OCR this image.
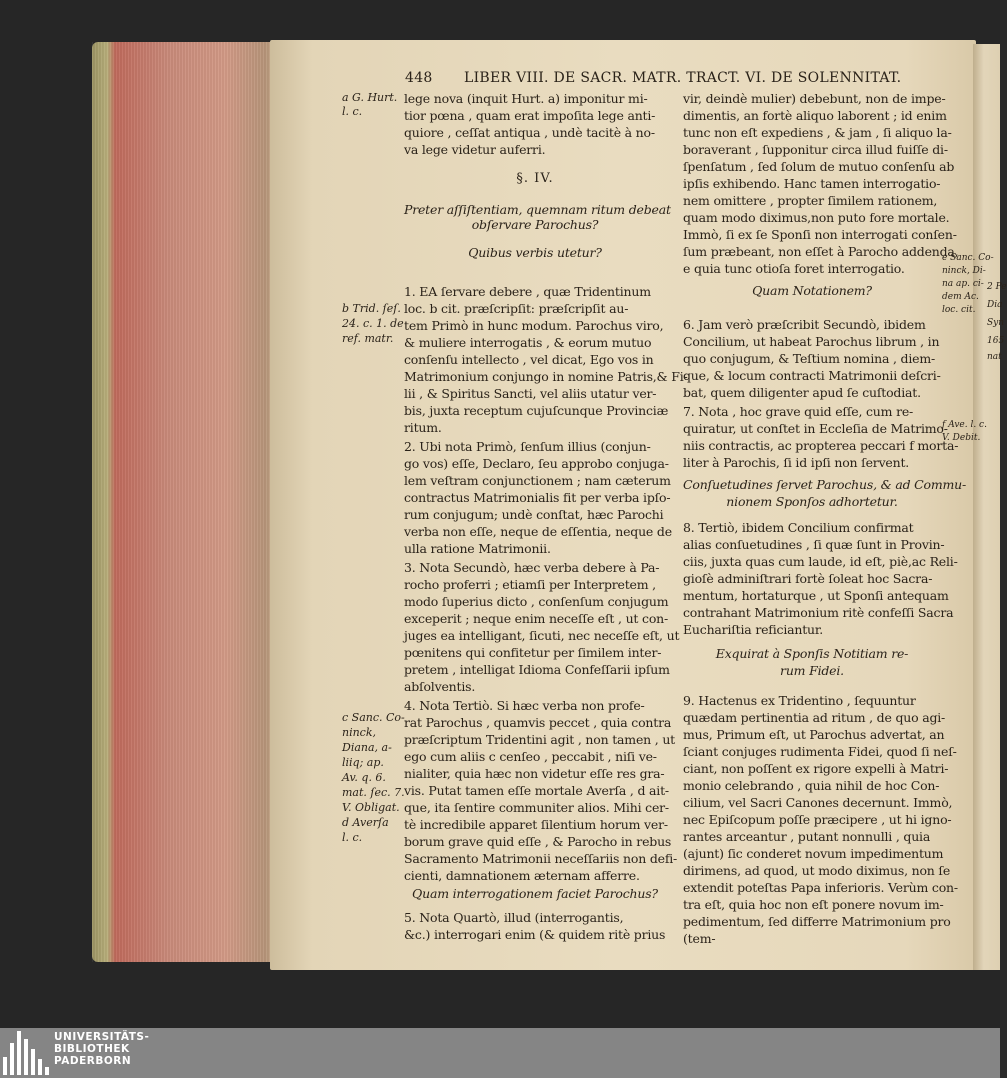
448 LIBER VIII. DE SACR. MATR. TRACT. VI. DE SOLENNITAT.
lege nova (inquit Hurt. a) imponitur mi-
tior pœna , quam erat impoſita lege anti-
quiore , ceſſat antiqua , undè tacitè à no-
va lege videtur auferri.
§. IV.
Preter aſſiſtentiam, quemnam ritum debeat
obſervare Parochus?
Quibus verbis utetur?
1. EA ſervare debere , quæ Tridentinum
loc. b cit. præſcripſit: præſcripſit au-
tem Primò in hunc modum. Parochus viro,
& muliere interrogatis , & eorum mutuo
conſenſu intellecto , vel dicat, Ego vos in
Matrimonium conjungo in nomine Patris,& Fi-
lii , & Spiritus Sancti, vel aliis utatur ver-
bis, juxta receptum cujuſcunque Provinciæ
ritum.
2. Ubi nota Primò, ſenſum illius (conjun-
go vos) eſſe, Declaro, ſeu approbo conjuga-
lem veſtram conjunctionem ; nam cæterum
contractus Matrimonialis fit per verba ipſo-
rum conjugum; undè conſtat, hæc Parochi
verba non eſſe, neque de eſſentia, neque de
ulla ratione Matrimonii.
3. Nota Secundò, hæc verba debere à Pa-
rocho proferri ; etiamſi per Interpretem ,
modo ſuperius dicto , conſenſum conjugum
exceperit ; neque enim neceſſe eſt , ut con-
juges ea intelligant, ſicuti, nec neceſſe eſt, ut
pœnitens qui confitetur per ſimilem inter-
pretem , intelligat Idioma Confeſſarii ipſum
abſolventis.
4. Nota Tertiò. Si hæc verba non profe-
rat Parochus , quamvis peccet , quia contra
præſcriptum Tridentini agit , non tamen , ut
ego cum aliis c cenſeo , peccabit , niſi ve-
nialiter, quia hæc non videtur eſſe res gra-
vis. Putat tamen eſſe mortale Averſa , d ait-
que, ita ſentire communiter alios. Mihi cer-
tè incredibile apparet ſilentium horum ver-
borum grave quid eſſe , & Parocho in rebus
Sacramento Matrimonii neceſſariis non defi-
cienti, damnationem æternam afferre.
Quam interrogationem faciet Parochus?
5. Nota Quartò, illud (interrogantis,
&c.) interrogari enim (& quidem ritè prius
vir, deindè mulier) debebunt, non de impe-
dimentis, an fortè aliquo laborent ; id enim
tunc non eſt expediens , & jam , ſi aliquo la-
boraverant , ſupponitur circa illud fuiſſe di-
ſpenſatum , ſed ſolum de mutuo conſenſu ab
ipſis exhibendo. Hanc tamen interrogatio-
nem omittere , propter ſimilem rationem,
quam modo diximus,non puto fore mortale.
Immò, ſi ex ſe Sponſi non interrogati conſen-
ſum præbeant, non eſſet à Parocho addenda,
e quia tunc otioſa foret interrogatio.
Quam Notationem?
6. Jam verò præſcribit Secundò, ibidem
Concilium, ut habeat Parochus librum , in
quo conjugum, & Teſtium nomina , diem-
que, & locum contracti Matrimonii deſcri-
bat, quem diligenter apud ſe cuſtodiat.
7. Nota , hoc grave quid eſſe, cum re-
quiratur, ut conſtet in Eccleſia de Matrimo-
niis contractis, ac propterea peccari f morta-
liter à Parochis, ſi id ipſi non ſervent.
Conſuetudines ſervet Parochus, & ad Commu-
nionem Sponſos adhortetur.
8. Tertiò, ibidem Concilium confirmat
alias conſuetudines , ſi quæ ſunt in Provin-
ciis, juxta quas cum laude, id eſt, piè,ac Reli-
gioſè adminiſtrari fortè ſoleat hoc Sacra-
mentum, hortaturque , ut Sponſi antequam
contrahant Matrimonium ritè confeſſi Sacra
Euchariſtia reficiantur.
Exquirat à Sponſis Notitiam re-
rum Fidei.
9. Hactenus ex Tridentino , ſequuntur
quædam pertinentia ad ritum , de quo agi-
mus, Primum eſt, ut Parochus advertat, an
ſciant conjuges rudimenta Fidei, quod ſi neſ-
ciant, non poſſent ex rigore expelli à Matri-
monio celebrando , quia nihil de hoc Con-
cilium, vel Sacri Canones decernunt. Immò,
nec Epiſcopum poſſe præcipere , ut hi igno-
rantes arceantur , putant nonnulli , quia
(ajunt) ſic conderet novum impedimentum
dirimens, ad quod, ut modo diximus, non ſe
extendit poteſtas Papa inferioris. Verùm con-
tra eſt, quia hoc non eſt ponere novum im-
pedimentum, ſed differre Matrimonium pro
(tem-
a G. Hurt.
l. c.
b Trid. ſeſ.
24. c. 1. de
ref. matr.
c Sanc. Co-
ninck,
Diana, a-
liiq; ap.
Av. q. 6.
mat. ſec. 7.
V. Obligat.
d Averſa
l. c.
e Sanc. Co-
ninck, Di-
na ap. ci-
dem Ac.
loc. cit.
f Ave. l. c.
V. Debit.
2 Pe
Dia
Syn
165
nat
UNIVERSITÄTS-
BIBLIOTHEK
PADERBORN
